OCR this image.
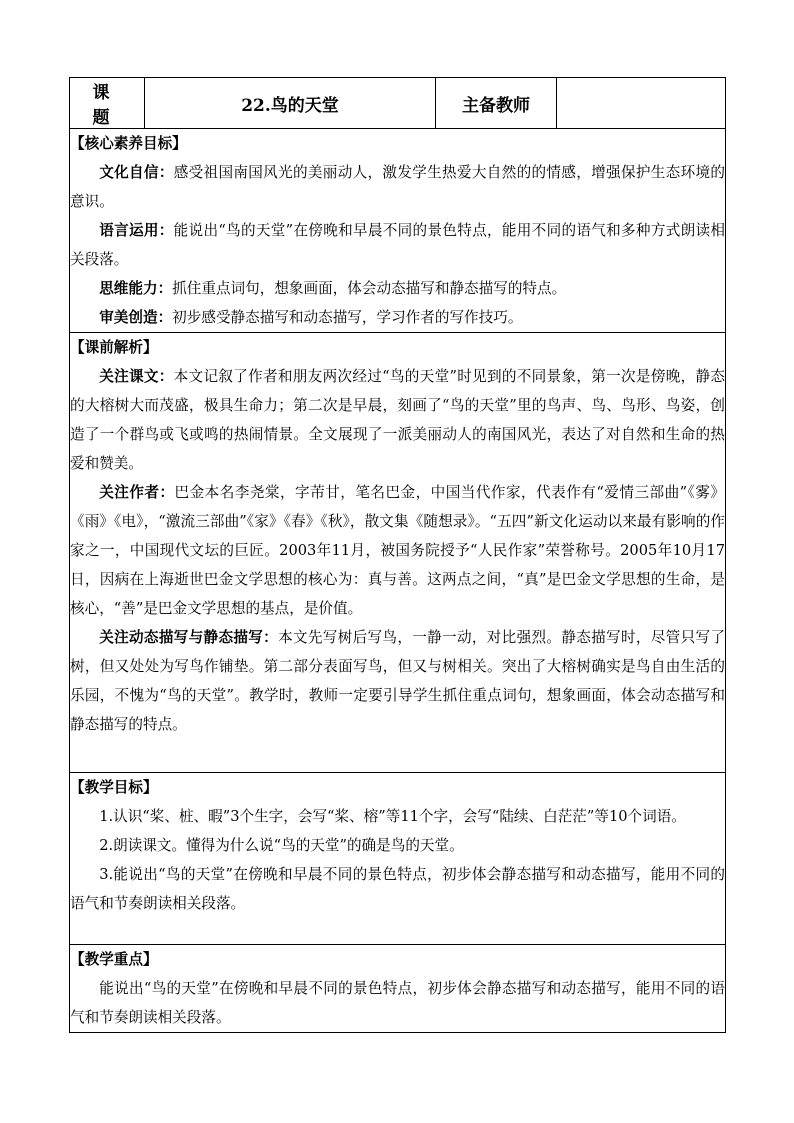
课　题	22.鸟的天堂	主备教师	

【核心素养目标】

文化自信：感受祖国南国风光的美丽动人，激发学生热爱大自然的的情感，增强保护生态环境的意识。

语言运用：能说出“鸟的天堂”在傍晚和早晨不同的景色特点，能用不同的语气和多种方式朗读相关段落。

思维能力：抓住重点词句，想象画面，体会动态描写和静态描写的特点。

审美创造：初步感受静态描写和动态描写，学习作者的写作技巧。

【课前解析】

关注课文：本文记叙了作者和朋友两次经过“鸟的天堂”时见到的不同景象，第一次是傍晚，静态的大榕树大而茂盛，极具生命力；第二次是早晨，刻画了“鸟的天堂”里的鸟声、鸟、鸟形、鸟姿，创造了一个群鸟或飞或鸣的热闹情景。全文展现了一派美丽动人的南国风光，表达了对自然和生命的热爱和赞美。

关注作者：巴金本名李尧棠，字芾甘，笔名巴金，中国当代作家，代表作有“爱情三部曲”《雾》《雨》《电》，“激流三部曲”《家》《春》《秋》，散文集《随想录》。“五四”新文化运动以来最有影响的作家之一，中国现代文坛的巨匠。2003年11月，被国务院授予“人民作家”荣誉称号。2005年10月17日，因病在上海逝世巴金文学思想的核心为：真与善。这两点之间，“真”是巴金文学思想的生命，是核心，“善”是巴金文学思想的基点，是价值。

关注动态描写与静态描写：本文先写树后写鸟，一静一动，对比强烈。静态描写时，尽管只写了树，但又处处为写鸟作铺垫。第二部分表面写鸟，但又与树相关。突出了大榕树确实是鸟自由生活的乐园，不愧为“鸟的天堂”。教学时，教师一定要引导学生抓住重点词句，想象画面，体会动态描写和静态描写的特点。

【教学目标】

1.认识“桨、桩、暇”3个生字，会写“桨、榕”等11个字，会写“陆续、白茫茫”等10个词语。

2.朗读课文。懂得为什么说“鸟的天堂”的确是鸟的天堂。

3.能说出“鸟的天堂”在傍晚和早晨不同的景色特点，初步体会静态描写和动态描写，能用不同的语气和节奏朗读相关段落。

【教学重点】

能说出“鸟的天堂”在傍晚和早晨不同的景色特点，初步体会静态描写和动态描写，能用不同的语气和节奏朗读相关段落。
